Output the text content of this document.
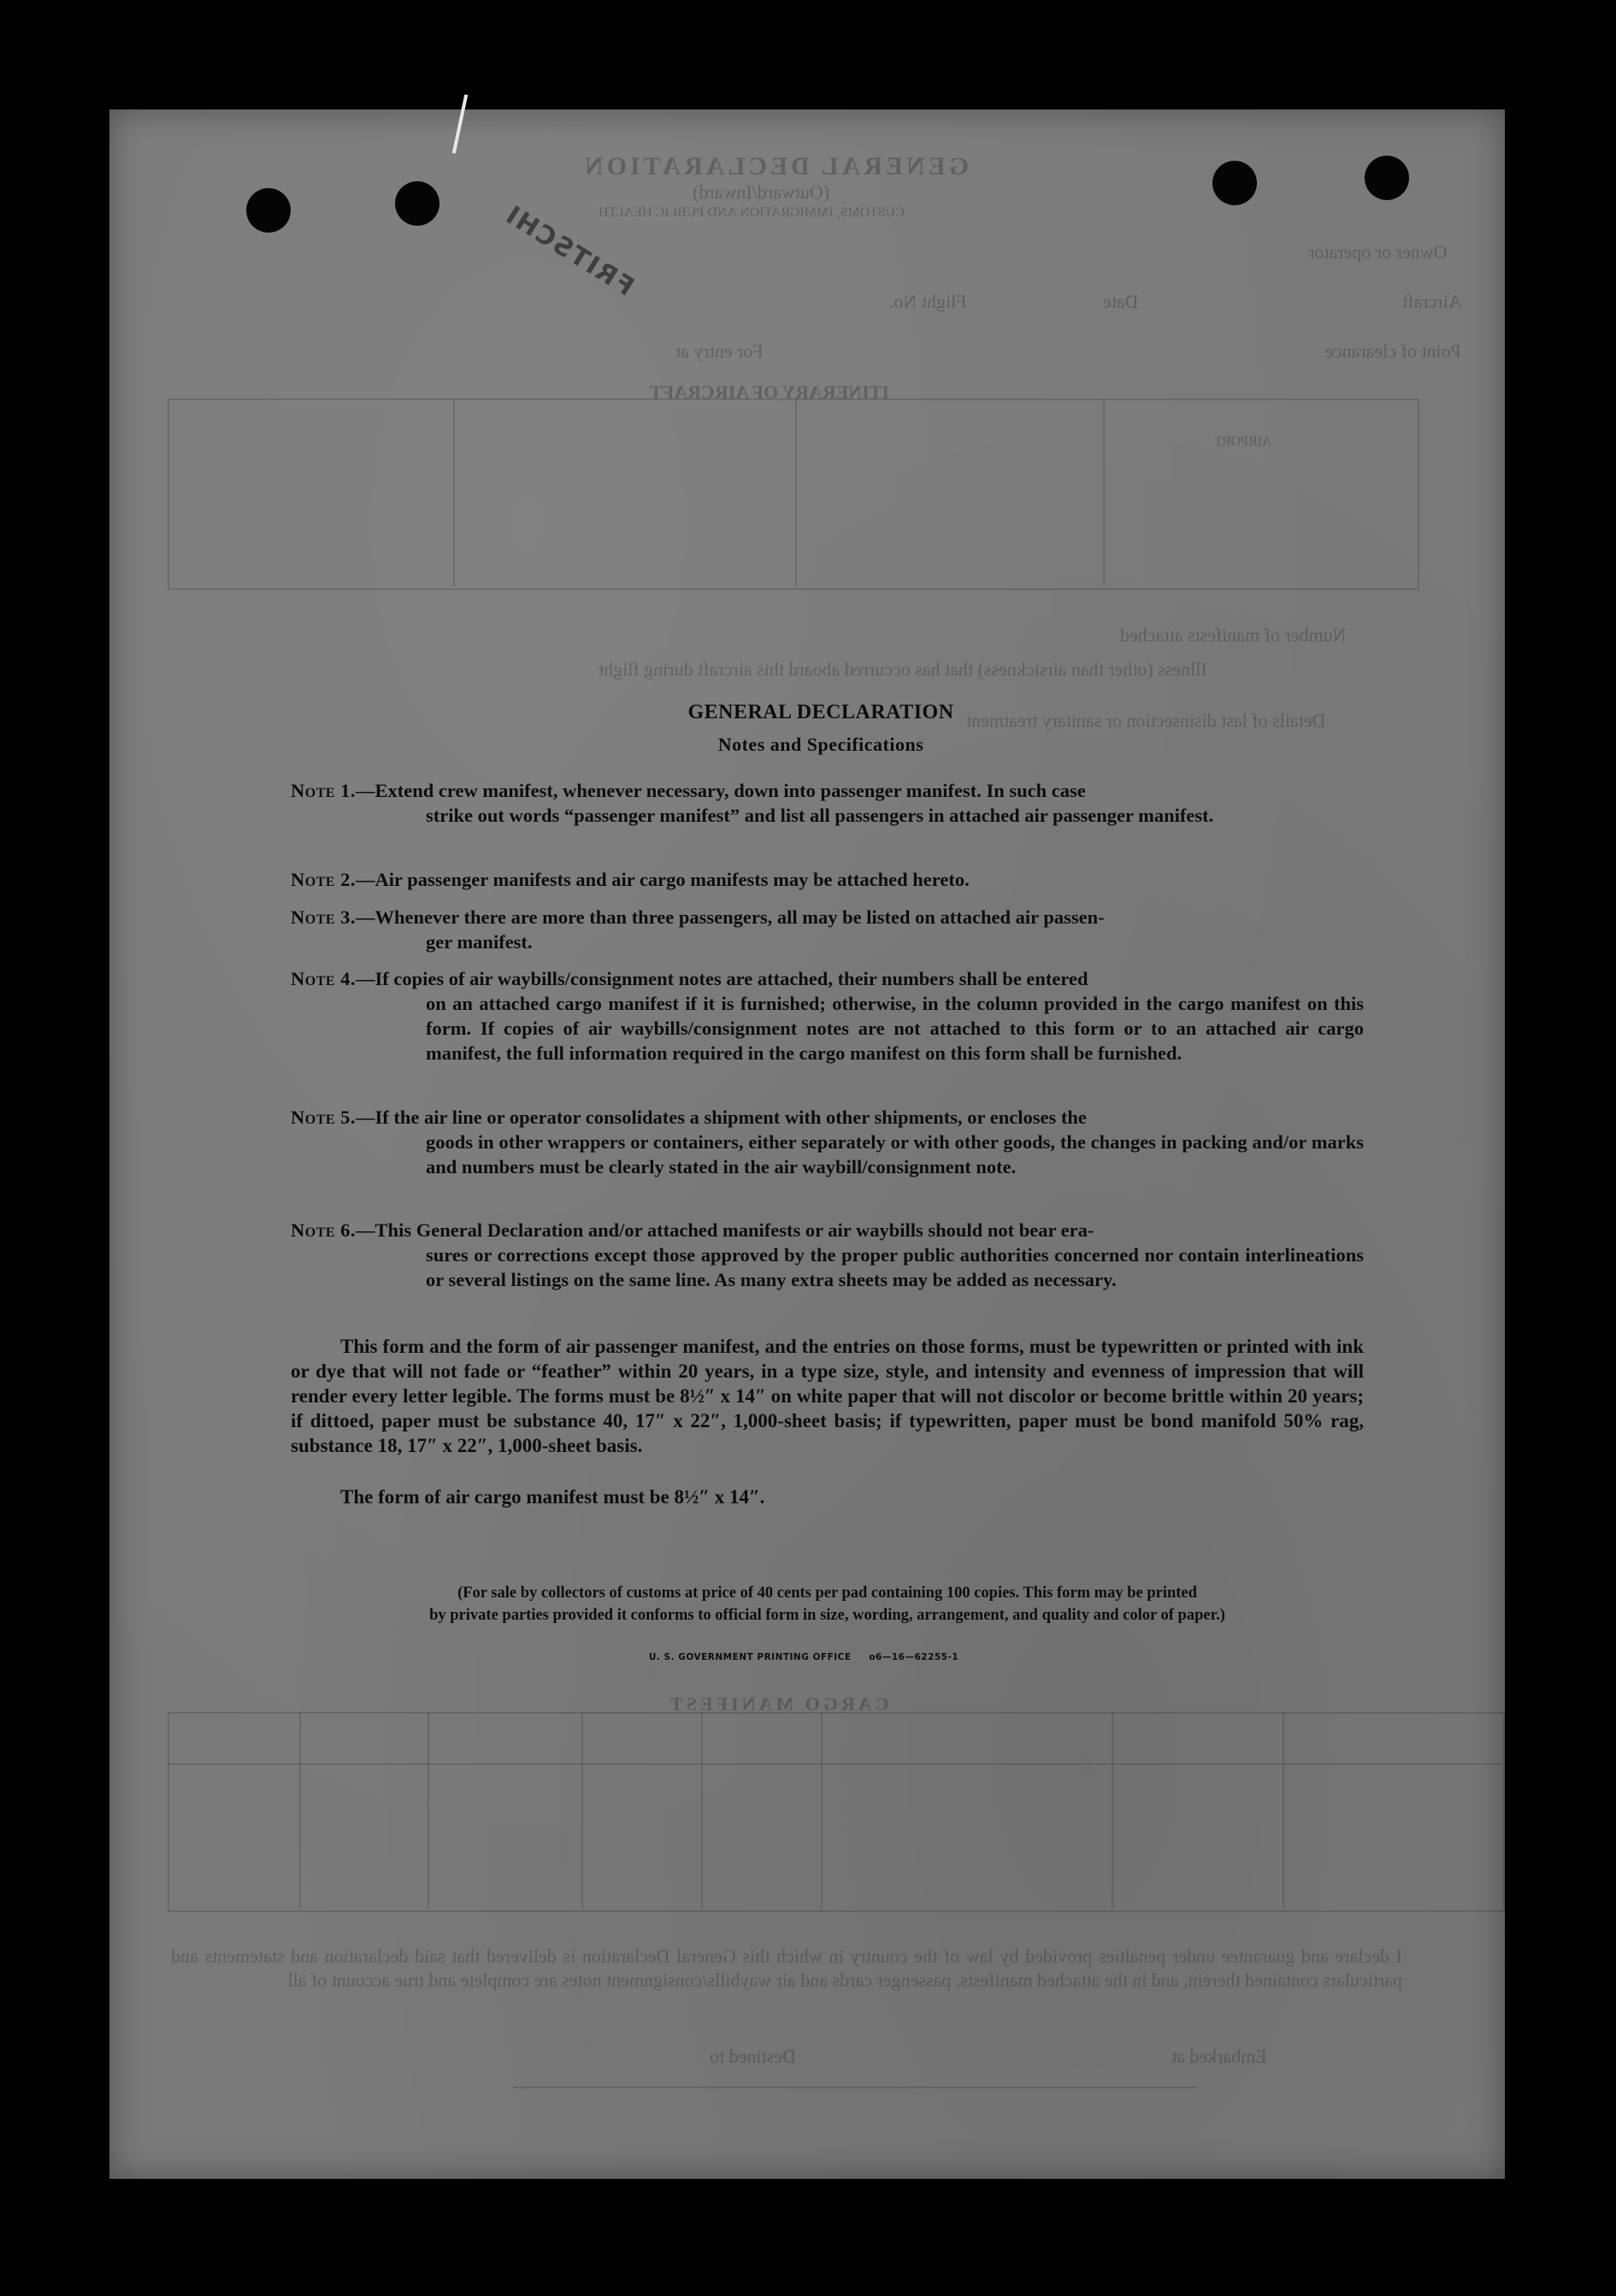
GENERAL DECLARATION
(Outward/Inward)
CUSTOMS, IMMIGRATION AND PUBLIC HEALTH
Owner or operator
Aircraft
Flight No.	Date
Point of clearance
For entry at
ITINERARY OF AIRCRAFT
AIRPORT
Number of manifests attached
Illness (other than airsickness) that has occurred aboard this aircraft during flight
Details of last disinsection or sanitary treatment
FRITSCHI
CARGO MANIFEST
I declare and guarantee under penalties provided by law of the country in which this General Declaration is delivered that said declaration and statements and particulars contained therein, and in the attached manifests, passenger cards and air waybills/consignment notes are complete and true account of all
Destined to	Embarked at
GENERAL DECLARATION
Notes and Specifications
Note 1.—Extend crew manifest, whenever necessary, down into passenger manifest. In such case
strike out words “passenger manifest” and list all passengers in attached air passenger manifest.
Note 2.—Air passenger manifests and air cargo manifests may be attached hereto.
Note 3.—Whenever there are more than three passengers, all may be listed on attached air passen-
ger manifest.
Note 4.—If copies of air waybills/consignment notes are attached, their numbers shall be entered
on an attached cargo manifest if it is furnished; otherwise, in the column provided in the cargo manifest on this form. If copies of air waybills/consignment notes are not attached to this form or to an attached air cargo manifest, the full information required in the cargo manifest on this form shall be furnished.
Note 5.—If the air line or operator consolidates a shipment with other shipments, or encloses the
goods in other wrappers or containers, either separately or with other goods, the changes in packing and/or marks and numbers must be clearly stated in the air waybill/consignment note.
Note 6.—This General Declaration and/or attached manifests or air waybills should not bear era-
sures or corrections except those approved by the proper public authorities concerned nor contain interlineations or several listings on the same line. As many extra sheets may be added as necessary.
This form and the form of air passenger manifest, and the entries on those forms, must be typewritten or printed with ink or dye that will not fade or “feather” within 20 years, in a type size, style, and intensity and evenness of impression that will render every letter legible. The forms must be 8½″ x 14″ on white paper that will not discolor or become brittle within 20 years; if dittoed, paper must be substance 40, 17″ x 22″, 1,000-sheet basis; if typewritten, paper must be bond manifold 50% rag, substance 18, 17″ x 22″, 1,000-sheet basis.
The form of air cargo manifest must be 8½″ x 14″.
(For sale by collectors of customs at price of 40 cents per pad containing 100 copies. This form may be printed
by private parties provided it conforms to official form in size, wording, arrangement, and quality and color of paper.)
U. S. GOVERNMENT PRINTING OFFICE     o6—16—62255-1
